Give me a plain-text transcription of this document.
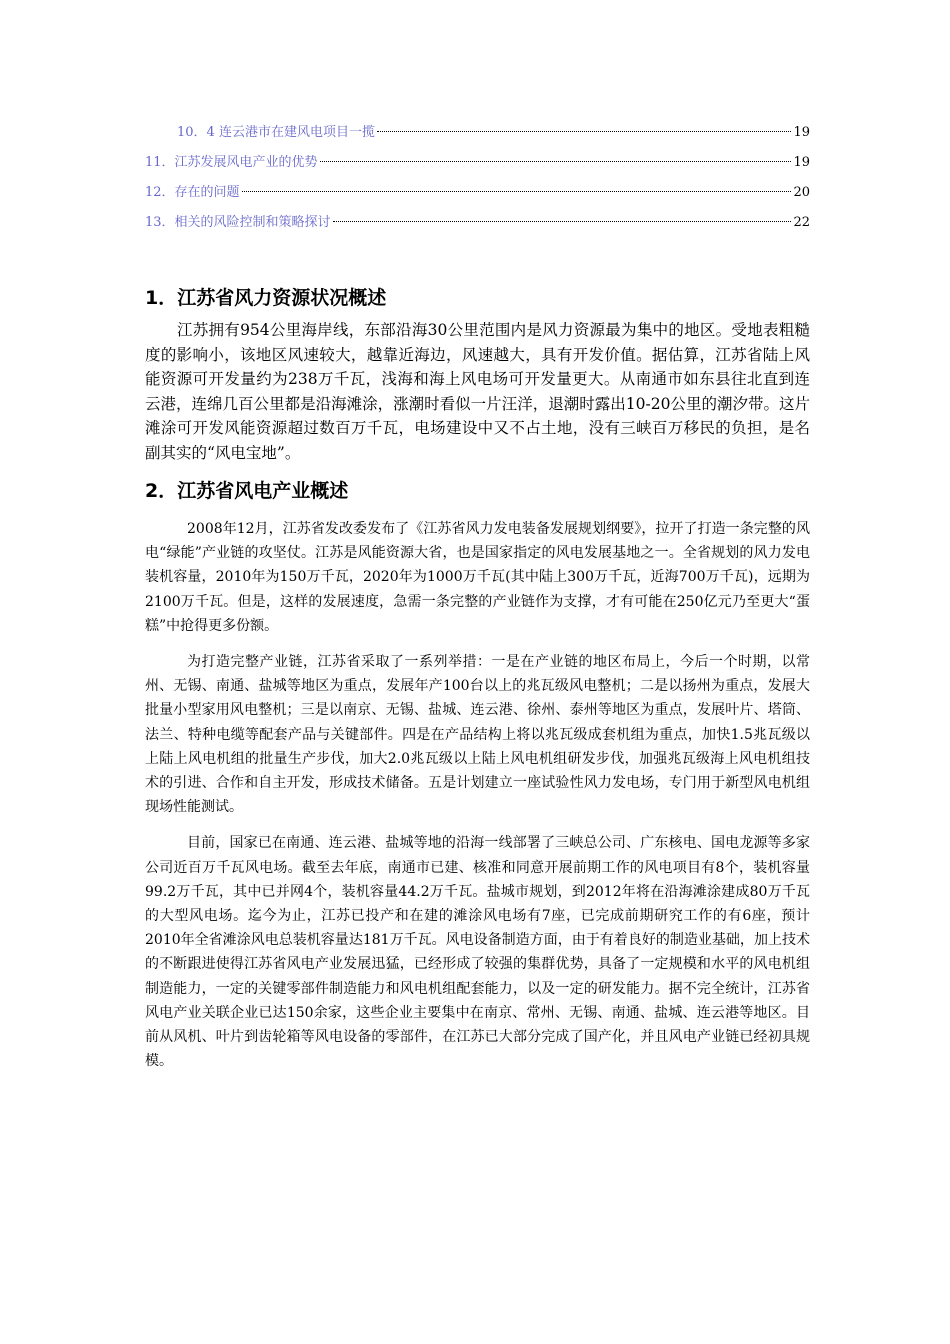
10．4 连云港市在建风电项目一揽	19
11．江苏发展风电产业的优势	19
12．存在的问题	20
13．相关的风险控制和策略探讨	22
1．江苏省风力资源状况概述

江苏拥有954公里海岸线，东部沿海30公里范围内是风力资源最为集中的地区。受地表粗糙度的影响小，该地区风速较大，越靠近海边，风速越大，具有开发价值。据估算，江苏省陆上风能资源可开发量约为238万千瓦，浅海和海上风电场可开发量更大。从南通市如东县往北直到连云港，连绵几百公里都是沿海滩涂，涨潮时看似一片汪洋，退潮时露出10-20公里的潮汐带。这片滩涂可开发风能资源超过数百万千瓦，电场建设中又不占土地，没有三峡百万移民的负担，是名副其实的“风电宝地”。

2．江苏省风电产业概述

2008年12月，江苏省发改委发布了《江苏省风力发电装备发展规划纲要》，拉开了打造一条完整的风电“绿能”产业链的攻坚仗。江苏是风能资源大省，也是国家指定的风电发展基地之一。全省规划的风力发电装机容量，2010年为150万千瓦，2020年为1000万千瓦(其中陆上300万千瓦，近海700万千瓦)，远期为2100万千瓦。但是，这样的发展速度，急需一条完整的产业链作为支撑，才有可能在250亿元乃至更大“蛋糕”中抢得更多份额。

为打造完整产业链，江苏省采取了一系列举措：一是在产业链的地区布局上，今后一个时期，以常州、无锡、南通、盐城等地区为重点，发展年产100台以上的兆瓦级风电整机；二是以扬州为重点，发展大批量小型家用风电整机；三是以南京、无锡、盐城、连云港、徐州、泰州等地区为重点，发展叶片、塔筒、法兰、特种电缆等配套产品与关键部件。四是在产品结构上将以兆瓦级成套机组为重点，加快1.5兆瓦级以上陆上风电机组的批量生产步伐，加大2.0兆瓦级以上陆上风电机组研发步伐，加强兆瓦级海上风电机组技术的引进、合作和自主开发，形成技术储备。五是计划建立一座试验性风力发电场，专门用于新型风电机组现场性能测试。

目前，国家已在南通、连云港、盐城等地的沿海一线部署了三峡总公司、广东核电、国电龙源等多家公司近百万千瓦风电场。截至去年底，南通市已建、核准和同意开展前期工作的风电项目有8个，装机容量99.2万千瓦，其中已并网4个，装机容量44.2万千瓦。盐城市规划，到2012年将在沿海滩涂建成80万千瓦的大型风电场。迄今为止，江苏已投产和在建的滩涂风电场有7座，已完成前期研究工作的有6座，预计2010年全省滩涂风电总装机容量达181万千瓦。风电设备制造方面，由于有着良好的制造业基础，加上技术的不断跟进使得江苏省风电产业发展迅猛，已经形成了较强的集群优势，具备了一定规模和水平的风电机组制造能力，一定的关键零部件制造能力和风电机组配套能力，以及一定的研发能力。据不完全统计，江苏省风电产业关联企业已达150余家，这些企业主要集中在南京、常州、无锡、南通、盐城、连云港等地区。目前从风机、叶片到齿轮箱等风电设备的零部件，在江苏已大部分完成了国产化，并且风电产业链已经初具规模。
